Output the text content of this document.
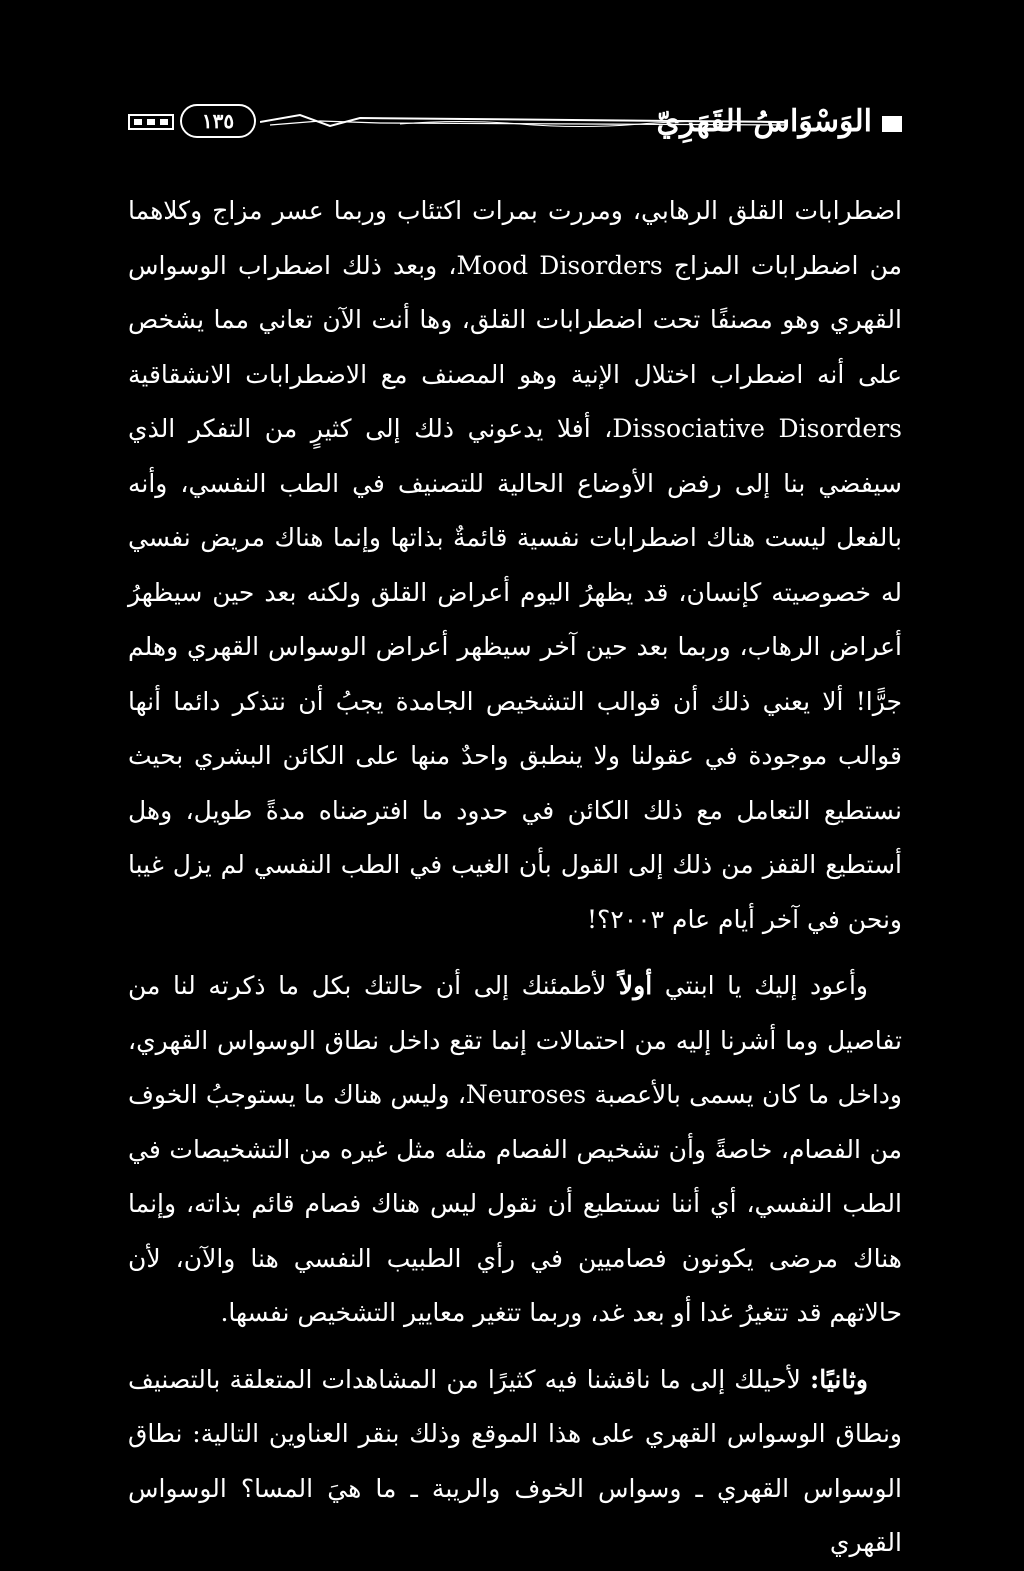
١٣٥	الوَسْوَاسُ القَهَرِيّ

اضطرابات القلق الرهابي، ومررت بمرات اكتئاب وربما عسر مزاج وكلاهما من اضطرابات المزاج Mood Disorders، وبعد ذلك اضطراب الوسواس القهري وهو مصنفًا تحت اضطرابات القلق، وها أنت الآن تعاني مما يشخص على أنه اضطراب اختلال الإنية وهو المصنف مع الاضطرابات الانشقاقية Dissociative Disorders، أفلا يدعوني ذلك إلى كثيرٍ من التفكر الذي سيفضي بنا إلى رفض الأوضاع الحالية للتصنيف في الطب النفسي، وأنه بالفعل ليست هناك اضطرابات نفسية قائمةٌ بذاتها وإنما هناك مريض نفسي له خصوصيته كإنسان، قد يظهرُ اليوم أعراض القلق ولكنه بعد حين سيظهرُ أعراض الرهاب، وربما بعد حين آخر سيظهر أعراض الوسواس القهري وهلم جرًّا! ألا يعني ذلك أن قوالب التشخيص الجامدة يجبُ أن نتذكر دائما أنها قوالب موجودة في عقولنا ولا ينطبق واحدٌ منها على الكائن البشري بحيث نستطيع التعامل مع ذلك الكائن في حدود ما افترضناه مدةً طويل، وهل أستطيع القفز من ذلك إلى القول بأن الغيب في الطب النفسي لم يزل غيبا ونحن في آخر أيام عام ٢٠٠٣؟!

وأعود إليك يا ابنتي أولاً لأطمئنك إلى أن حالتك بكل ما ذكرته لنا من تفاصيل وما أشرنا إليه من احتمالات إنما تقع داخل نطاق الوسواس القهري، وداخل ما كان يسمى بالأعصبة Neuroses، وليس هناك ما يستوجبُ الخوف من الفصام، خاصةً وأن تشخيص الفصام مثله مثل غيره من التشخيصات في الطب النفسي، أي أننا نستطيع أن نقول ليس هناك فصام قائم بذاته، وإنما هناك مرضى يكونون فصاميين في رأي الطبيب النفسي هنا والآن، لأن حالاتهم قد تتغيرُ غدا أو بعد غد، وربما تتغير معايير التشخيص نفسها.

وثانيًا: لأحيلك إلى ما ناقشنا فيه كثيرًا من المشاهدات المتعلقة بالتصنيف ونطاق الوسواس القهري على هذا الموقع وذلك بنقر العناوين التالية: نطاق الوسواس القهري ـ وسواس الخوف والريبة ـ ما هيَ المسا؟ الوسواس القهري
